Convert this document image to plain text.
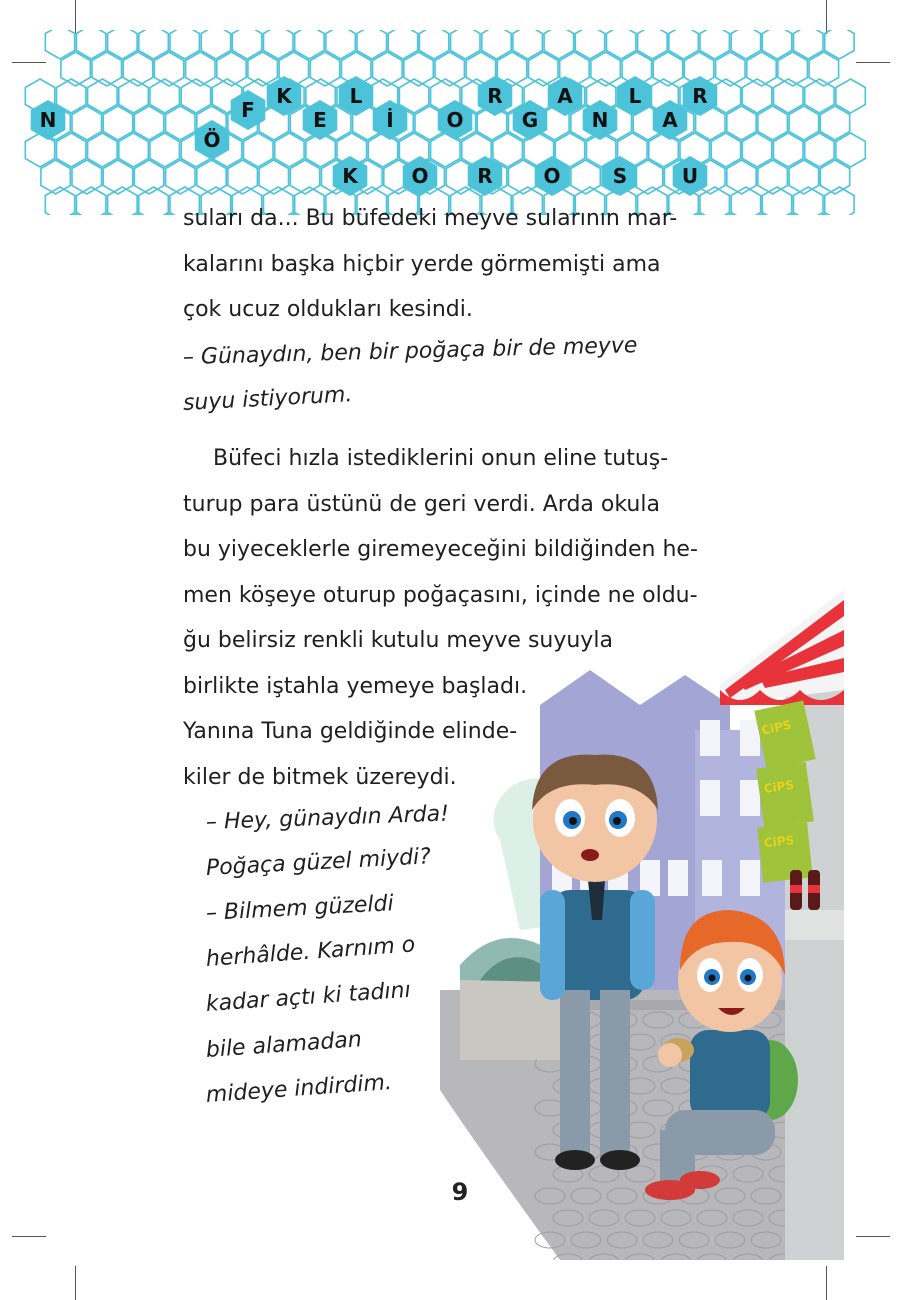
Ö
F
K
E
L
İ	O
R
G
A
N
L
A
R
K	O R	O	S	U
N

suları da... Bu büfedeki meyve sularının mar-
kalarını başka hiçbir yerde görmemişti ama
çok ucuz oldukları kesindi.

– Günaydın, ben bir poğaça bir de meyve
suyu istiyorum.

Büfeci hızla istediklerini onun eline tutuş-
turup para üstünü de geri verdi. Arda okula
bu yiyeceklerle giremeyeceğini bildiğinden he-
men köşeye oturup poğaçasını, içinde ne oldu-
ğu belirsiz renkli kutulu meyve suyuyla
birlikte iştahla yemeye başladı.
Yanına Tuna geldiğinde elinde-
kiler de bitmek üzereydi.

CiPS
CiPS
CiPS

– Hey, günaydın Arda!
Poğaça güzel miydi?
– Bilmem güzeldi
herhâlde. Karnım o
kadar açtı ki tadını
bile alamadan
mideye indirdim.

9
